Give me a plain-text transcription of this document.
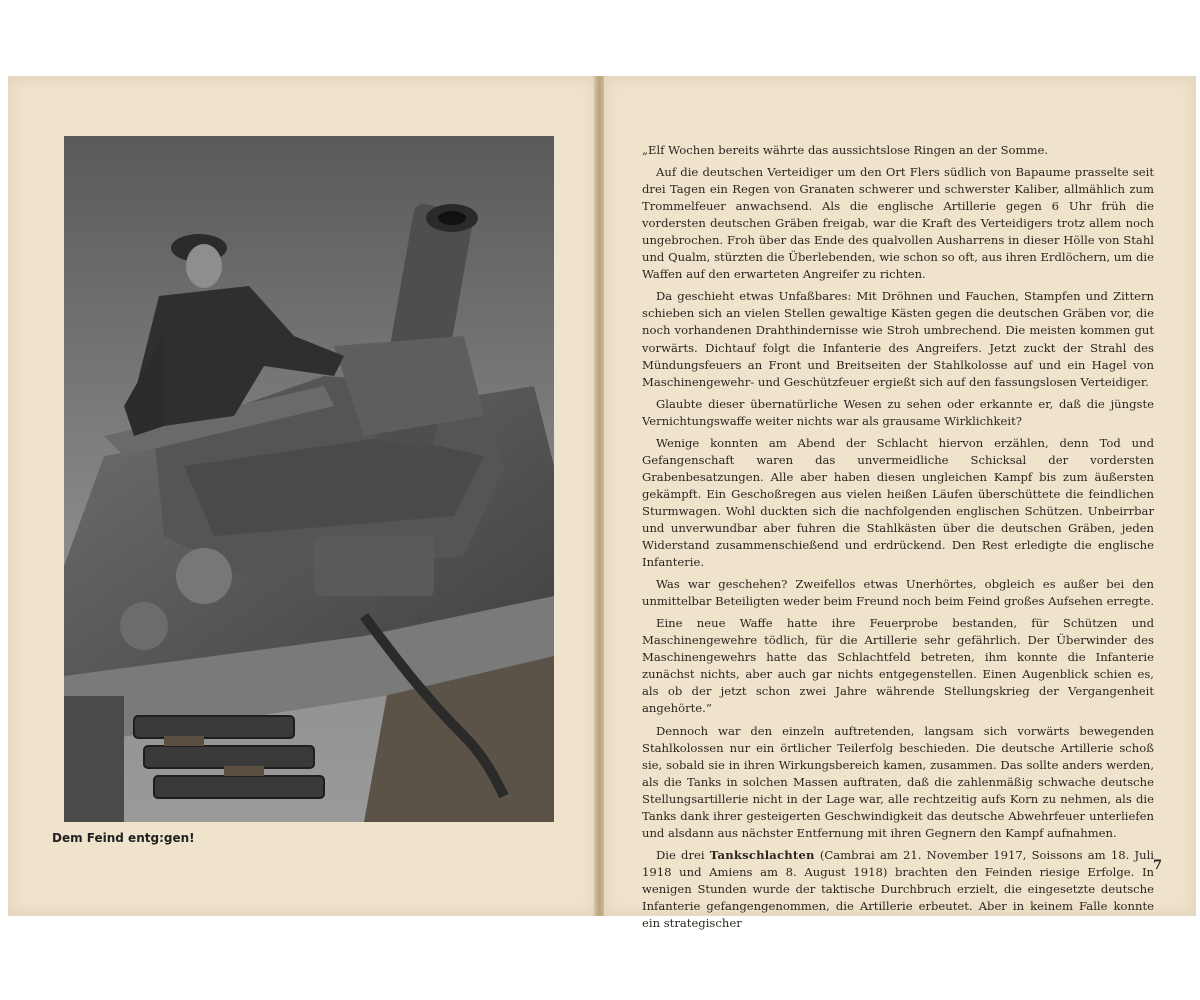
Dem Feind entg:gen!

„Elf Wochen bereits währte das aussichtslose Ringen an der Somme.

Auf die deutschen Verteidiger um den Ort Flers südlich von Bapaume prasselte seit drei Tagen ein Regen von Granaten schwerer und schwerster Kaliber, allmählich zum Trommelfeuer anwachsend. Als die englische Artillerie gegen 6 Uhr früh die vordersten deutschen Gräben freigab, war die Kraft des Verteidigers trotz allem noch ungebrochen. Froh über das Ende des qualvollen Ausharrens in dieser Hölle von Stahl und Qualm, stürzten die Überlebenden, wie schon so oft, aus ihren Erdlöchern, um die Waffen auf den erwarteten Angreifer zu richten.

Da geschieht etwas Unfaßbares: Mit Dröhnen und Fauchen, Stampfen und Zittern schieben sich an vielen Stellen gewaltige Kästen gegen die deutschen Gräben vor, die noch vorhandenen Drahthindernisse wie Stroh umbrechend. Die meisten kommen gut vorwärts. Dichtauf folgt die Infanterie des Angreifers. Jetzt zuckt der Strahl des Mündungsfeuers an Front und Breitseiten der Stahlkolosse auf und ein Hagel von Maschinengewehr- und Geschützfeuer ergießt sich auf den fassungslosen Verteidiger.

Glaubte dieser übernatürliche Wesen zu sehen oder erkannte er, daß die jüngste Vernichtungswaffe weiter nichts war als grausame Wirklichkeit?

Wenige konnten am Abend der Schlacht hiervon erzählen, denn Tod und Gefangenschaft waren das unvermeidliche Schicksal der vordersten Grabenbesatzungen. Alle aber haben diesen ungleichen Kampf bis zum äußersten gekämpft. Ein Geschoßregen aus vielen heißen Läufen überschüttete die feindlichen Sturmwagen. Wohl duckten sich die nachfolgenden englischen Schützen. Unbeirrbar und unverwundbar aber fuhren die Stahlkästen über die deutschen Gräben, jeden Widerstand zusammenschießend und erdrückend. Den Rest erledigte die englische Infanterie.

Was war geschehen? Zweifellos etwas Unerhörtes, obgleich es außer bei den unmittelbar Beteiligten weder beim Freund noch beim Feind großes Aufsehen erregte.

Eine neue Waffe hatte ihre Feuerprobe bestanden, für Schützen und Maschinengewehre tödlich, für die Artillerie sehr gefährlich. Der Überwinder des Maschinengewehrs hatte das Schlachtfeld betreten, ihm konnte die Infanterie zunächst nichts, aber auch gar nichts entgegenstellen. Einen Augenblick schien es, als ob der jetzt schon zwei Jahre währende Stellungskrieg der Vergangenheit angehörte.“

Dennoch war den einzeln auftretenden, langsam sich vorwärts bewegenden Stahlkolossen nur ein örtlicher Teilerfolg beschieden. Die deutsche Artillerie schoß sie, sobald sie in ihren Wirkungsbereich kamen, zusammen. Das sollte anders werden, als die Tanks in solchen Massen auftraten, daß die zahlenmäßig schwache deutsche Stellungsartillerie nicht in der Lage war, alle rechtzeitig aufs Korn zu nehmen, als die Tanks dank ihrer gesteigerten Geschwindigkeit das deutsche Abwehrfeuer unterliefen und alsdann aus nächster Entfernung mit ihren Gegnern den Kampf aufnahmen.

Die drei Tankschlachten (Cambrai am 21. November 1917, Soissons am 18. Juli 1918 und Amiens am 8. August 1918) brachten den Feinden riesige Erfolge. In wenigen Stunden wurde der taktische Durchbruch erzielt, die eingesetzte deutsche Infanterie gefangengenommen, die Artillerie erbeutet. Aber in keinem Falle konnte ein strategischer

7
